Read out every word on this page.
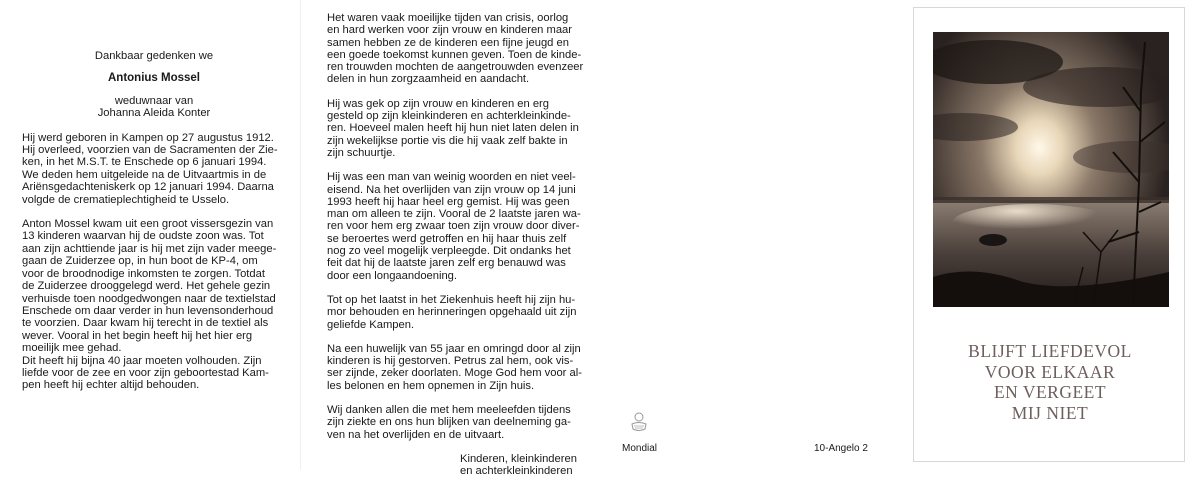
Dankbaar gedenken we

Antonius Mossel

weduwnaar van

Johanna Aleida Konter

Hij werd geboren in Kampen op 27 augustus 1912.

Hij overleed, voorzien van de Sacramenten der Zie-

ken, in het M.S.T. te Enschede op 6 januari 1994.

We deden hem uitgeleide na de Uitvaartmis in de

Ariënsgedachteniskerk op 12 januari 1994. Daarna

volgde de crematieplechtigheid te Usselo.

Anton Mossel kwam uit een groot vissersgezin van

13 kinderen waarvan hij de oudste zoon was. Tot

aan zijn achttiende jaar is hij met zijn vader meege-

gaan de Zuiderzee op, in hun boot de KP-4, om

voor de broodnodige inkomsten te zorgen. Totdat

de Zuiderzee drooggelegd werd. Het gehele gezin

verhuisde toen noodgedwongen naar de textielstad

Enschede om daar verder in hun levensonderhoud

te voorzien. Daar kwam hij terecht in de textiel als

wever. Vooral in het begin heeft hij het hier erg

moeilijk mee gehad.

Dit heeft hij bijna 40 jaar moeten volhouden. Zijn

liefde voor de zee en voor zijn geboortestad Kam-

pen heeft hij echter altijd behouden.

Het waren vaak moeilijke tijden van crisis, oorlog

en hard werken voor zijn vrouw en kinderen maar

samen hebben ze de kinderen een fijne jeugd en

een goede toekomst kunnen geven. Toen de kinde-

ren trouwden mochten de aangetrouwden evenzeer

delen in hun zorgzaamheid en aandacht.

Hij was gek op zijn vrouw en kinderen en erg

gesteld op zijn kleinkinderen en achterkleinkinde-

ren. Hoeveel malen heeft hij hun niet laten delen in

zijn wekelijkse portie vis die hij vaak zelf bakte in

zijn schuurtje.

Hij was een man van weinig woorden en niet veel-

eisend. Na het overlijden van zijn vrouw op 14 juni

1993 heeft hij haar heel erg gemist. Hij was geen

man om alleen te zijn. Vooral de 2 laatste jaren wa-

ren voor hem erg zwaar toen zijn vrouw door diver-

se beroertes werd getroffen en hij haar thuis zelf

nog zo veel mogelijk verpleegde. Dit ondanks het

feit dat hij de laatste jaren zelf erg benauwd was

door een longaandoening.

Tot op het laatst in het Ziekenhuis heeft hij zijn hu-

mor behouden en herinneringen opgehaald uit zijn

geliefde Kampen.

Na een huwelijk van 55 jaar en omringd door al zijn

kinderen is hij gestorven. Petrus zal hem, ook vis-

ser zijnde, zeker doorlaten. Moge God hem voor al-

les belonen en hem opnemen in Zijn huis.

Wij danken allen die met hem meeleefden tijdens

zijn ziekte en ons hun blijken van deelneming ga-

ven na het overlijden en de uitvaart.

Kinderen, kleinkinderen

en achterkleinkinderen

Mondial	10-Angelo 2
BLIJFT LIEFDEVOL
VOOR ELKAAR
EN VERGEET
MIJ NIET
